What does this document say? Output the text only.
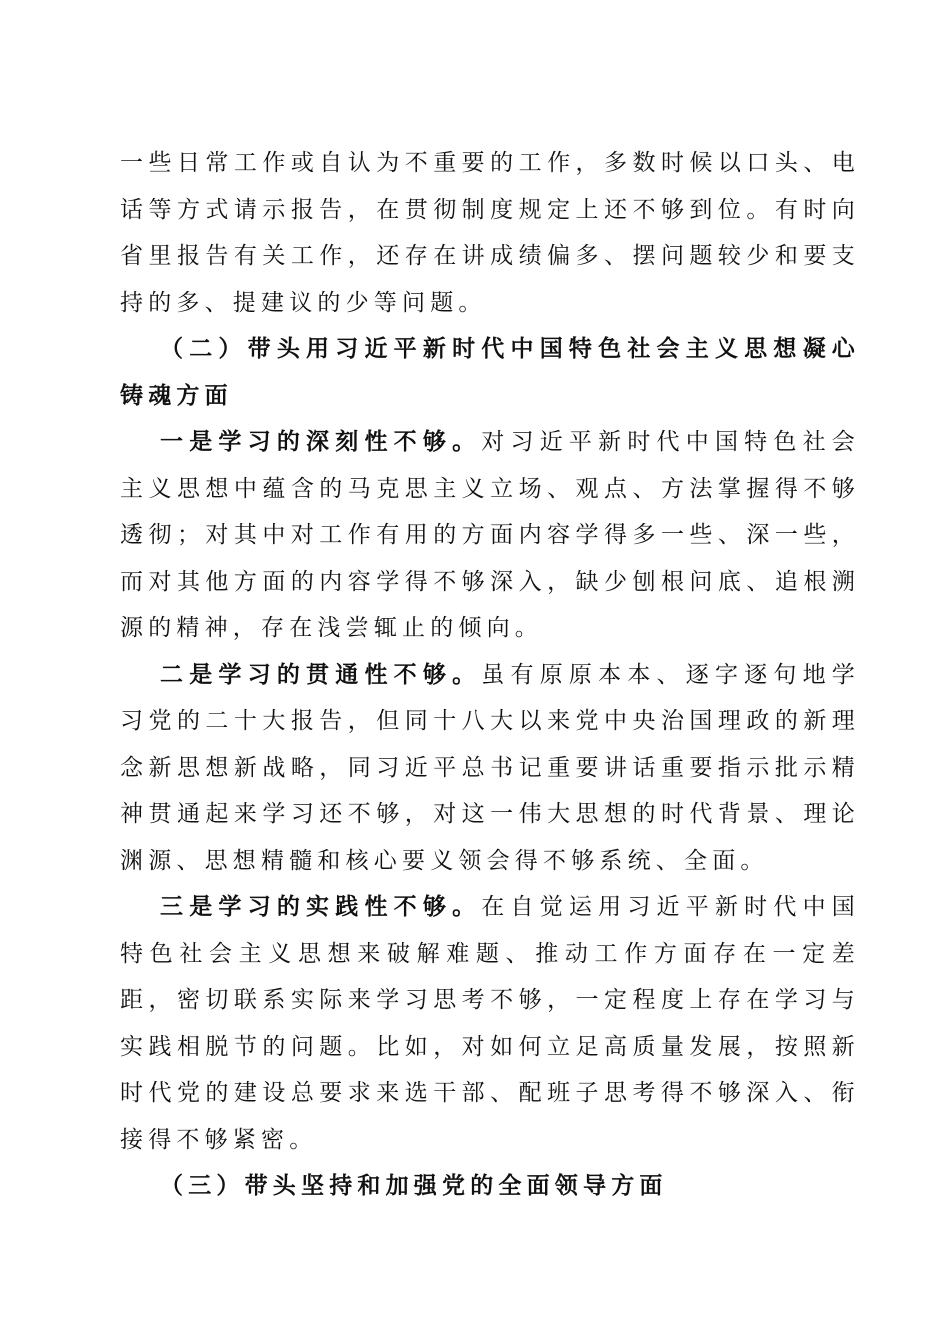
一些日常工作或自认为不重要的工作，多数时候以口头、电话等方式请示报告，在贯彻制度规定上还不够到位。有时向省里报告有关工作，还存在讲成绩偏多、摆问题较少和要支持的多、提建议的少等问题。

（二）带头用习近平新时代中国特色社会主义思想凝心铸魂方面

一是学习的深刻性不够。对习近平新时代中国特色社会主义思想中蕴含的马克思主义立场、观点、方法掌握得不够透彻；对其中对工作有用的方面内容学得多一些、深一些，而对其他方面的内容学得不够深入，缺少刨根问底、追根溯源的精神，存在浅尝辄止的倾向。

二是学习的贯通性不够。虽有原原本本、逐字逐句地学习党的二十大报告，但同十八大以来党中央治国理政的新理念新思想新战略，同习近平总书记重要讲话重要指示批示精神贯通起来学习还不够，对这一伟大思想的时代背景、理论渊源、思想精髓和核心要义领会得不够系统、全面。

三是学习的实践性不够。在自觉运用习近平新时代中国特色社会主义思想来破解难题、推动工作方面存在一定差距，密切联系实际来学习思考不够，一定程度上存在学习与实践相脱节的问题。比如，对如何立足高质量发展，按照新时代党的建设总要求来选干部、配班子思考得不够深入、衔接得不够紧密。

（三）带头坚持和加强党的全面领导方面
